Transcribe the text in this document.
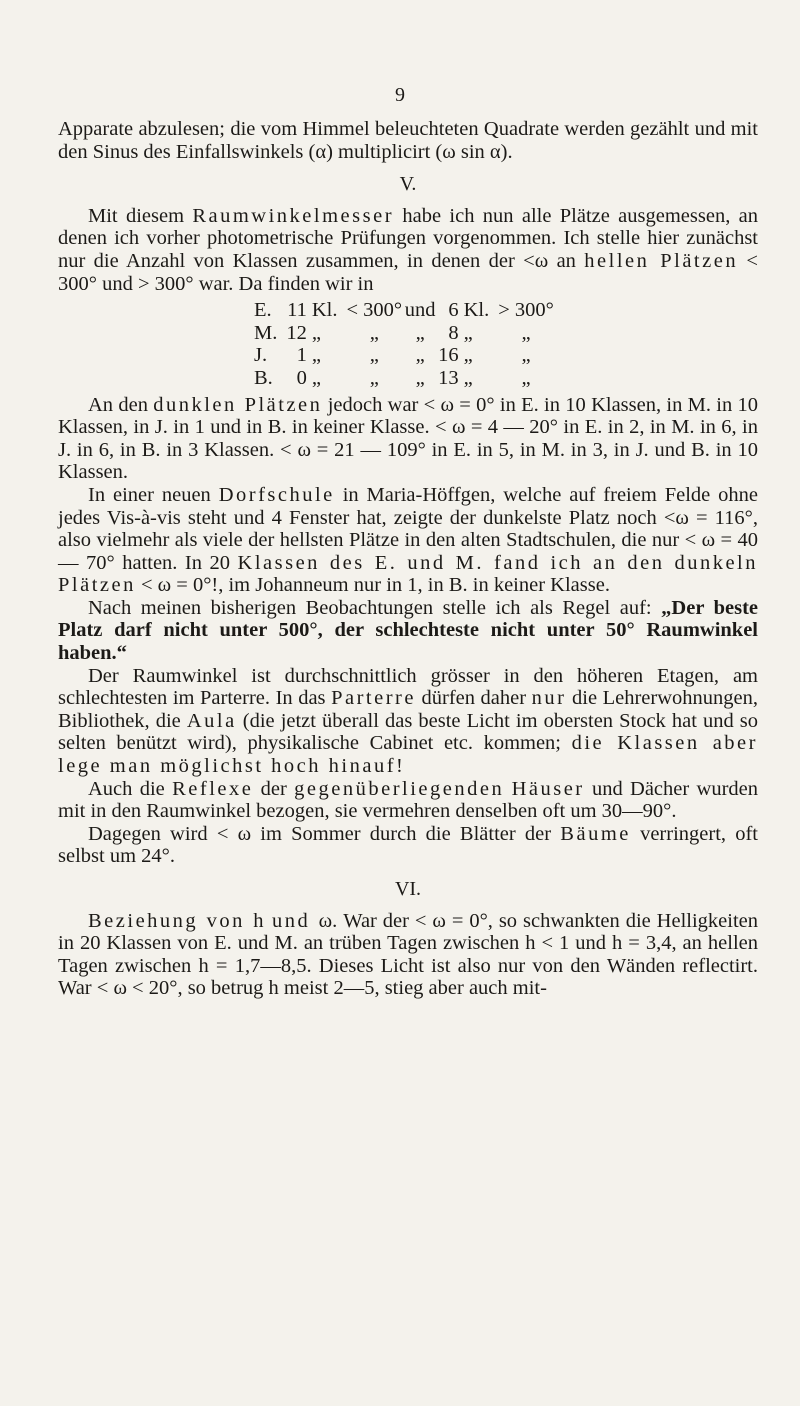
9

Apparate abzulesen; die vom Himmel beleuchteten Quadrate werden gezählt und mit den Sinus des Einfallswinkels (α) multiplicirt (ω sin α).

V.

Mit diesem Raumwinkelmesser habe ich nun alle Plätze ausgemessen, an denen ich vorher photometrische Prüfungen vorgenommen. Ich stelle hier zunächst nur die Anzahl von Klassen zusammen, in denen der <ω an hellen Plätzen < 300° und > 300° war. Da finden wir in

E.	11	Kl.	< 300°	und	6	Kl.	> 300°
M.	12	„	„	„	8	„	„
J.	1	„	„	„	16	„	„
B.	0	„	„	„	13	„	„

An den dunklen Plätzen jedoch war < ω = 0° in E. in 10 Klassen, in M. in 10 Klassen, in J. in 1 und in B. in keiner Klasse. < ω = 4 — 20° in E. in 2, in M. in 6, in J. in 6, in B. in 3 Klassen. < ω = 21 — 109° in E. in 5, in M. in 3, in J. und B. in 10 Klassen.

In einer neuen Dorfschule in Maria-Höffgen, welche auf freiem Felde ohne jedes Vis-à-vis steht und 4 Fenster hat, zeigte der dunkelste Platz noch <ω = 116°, also vielmehr als viele der hellsten Plätze in den alten Stadtschulen, die nur < ω = 40 — 70° hatten. In 20 Klassen des E. und M. fand ich an den dunkeln Plätzen < ω = 0°!, im Johanneum nur in 1, in B. in keiner Klasse.

Nach meinen bisherigen Beobachtungen stelle ich als Regel auf: „Der beste Platz darf nicht unter 500°, der schlechteste nicht unter 50° Raumwinkel haben.“

Der Raumwinkel ist durchschnittlich grösser in den höheren Etagen, am schlechtesten im Parterre. In das Parterre dürfen daher nur die Lehrerwohnungen, Bibliothek, die Aula (die jetzt überall das beste Licht im obersten Stock hat und so selten benützt wird), physikalische Cabinet etc. kommen; die Klassen aber lege man möglichst hoch hinauf!

Auch die Reflexe der gegenüberliegenden Häuser und Dächer wurden mit in den Raumwinkel bezogen, sie vermehren denselben oft um 30—90°.

Dagegen wird < ω im Sommer durch die Blätter der Bäume verringert, oft selbst um 24°.

VI.

Beziehung von h und ω. War der < ω = 0°, so schwankten die Helligkeiten in 20 Klassen von E. und M. an trüben Tagen zwischen h < 1 und h = 3,4, an hellen Tagen zwischen h = 1,7—8,5. Dieses Licht ist also nur von den Wänden reflectirt. War < ω < 20°, so betrug h meist 2—5, stieg aber auch mit-
